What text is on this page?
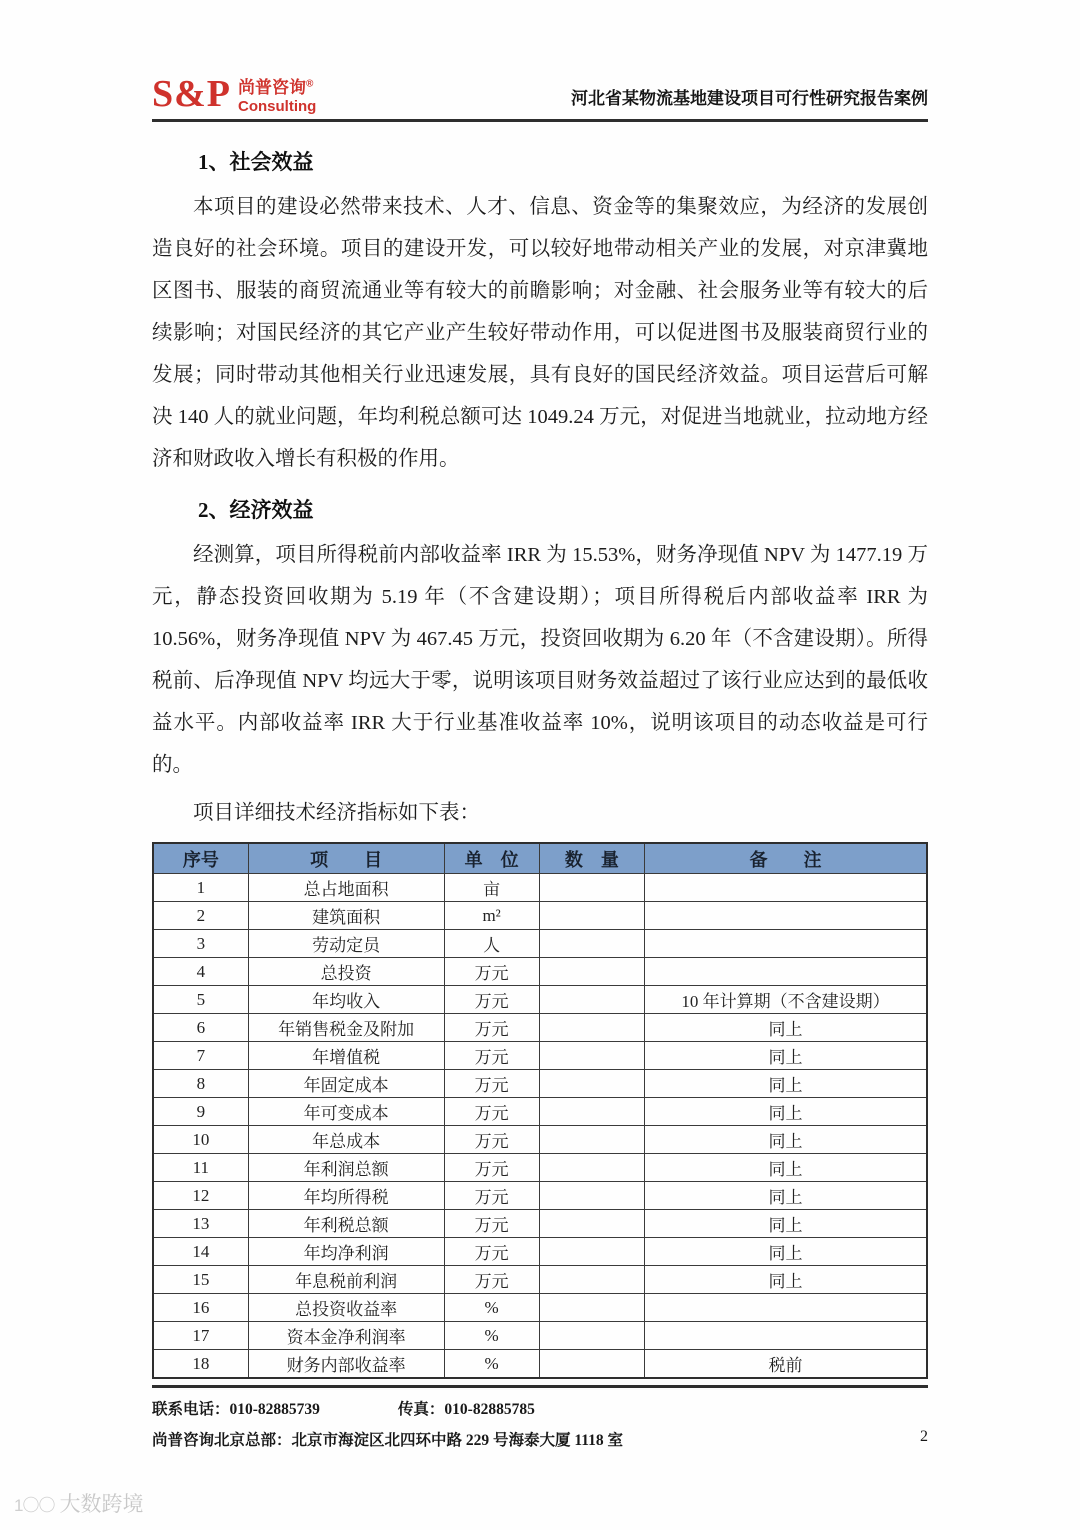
S&P 尚普咨询®
Consulting	河北省某物流基地建设项目可行性研究报告案例
1、社会效益

本项目的建设必然带来技术、人才、信息、资金等的集聚效应，为经济的发展创造良好的社会环境。项目的建设开发，可以较好地带动相关产业的发展，对京津冀地区图书、服装的商贸流通业等有较大的前瞻影响；对金融、社会服务业等有较大的后续影响；对国民经济的其它产业产生较好带动作用，可以促进图书及服装商贸行业的发展；同时带动其他相关行业迅速发展，具有良好的国民经济效益。项目运营后可解决 140 人的就业问题，年均利税总额可达 1049.24 万元，对促进当地就业，拉动地方经济和财政收入增长有积极的作用。

2、经济效益

经测算，项目所得税前内部收益率 IRR 为 15.53%，财务净现值 NPV 为 1477.19 万元，静态投资回收期为 5.19 年（不含建设期）；项目所得税后内部收益率 IRR 为 10.56%，财务净现值 NPV 为 467.45 万元，投资回收期为 6.20 年（不含建设期）。所得税前、后净现值 NPV 均远大于零，说明该项目财务效益超过了该行业应达到的最低收益水平。内部收益率 IRR 大于行业基准收益率 10%，说明该项目的动态收益是可行的。

项目详细技术经济指标如下表：

序号	项　　目	单　位	数　量	备　　注
1	总占地面积	亩		
2	建筑面积	m²		
3	劳动定员	人		
4	总投资	万元		
5	年均收入	万元		10 年计算期（不含建设期）
6	年销售税金及附加	万元		同上
7	年增值税	万元		同上
8	年固定成本	万元		同上
9	年可变成本	万元		同上
10	年总成本	万元		同上
11	年利润总额	万元		同上
12	年均所得税	万元		同上
13	年利税总额	万元		同上
14	年均净利润	万元		同上
15	年息税前利润	万元		同上
16	总投资收益率	%		
17	资本金净利润率	%		
18	财务内部收益率	%		税前
联系电话：010-82885739	传真：010-82885785
尚普咨询北京总部：北京市海淀区北四环中路 229 号海泰大厦 1118 室	2
1〇〇 大数跨境
